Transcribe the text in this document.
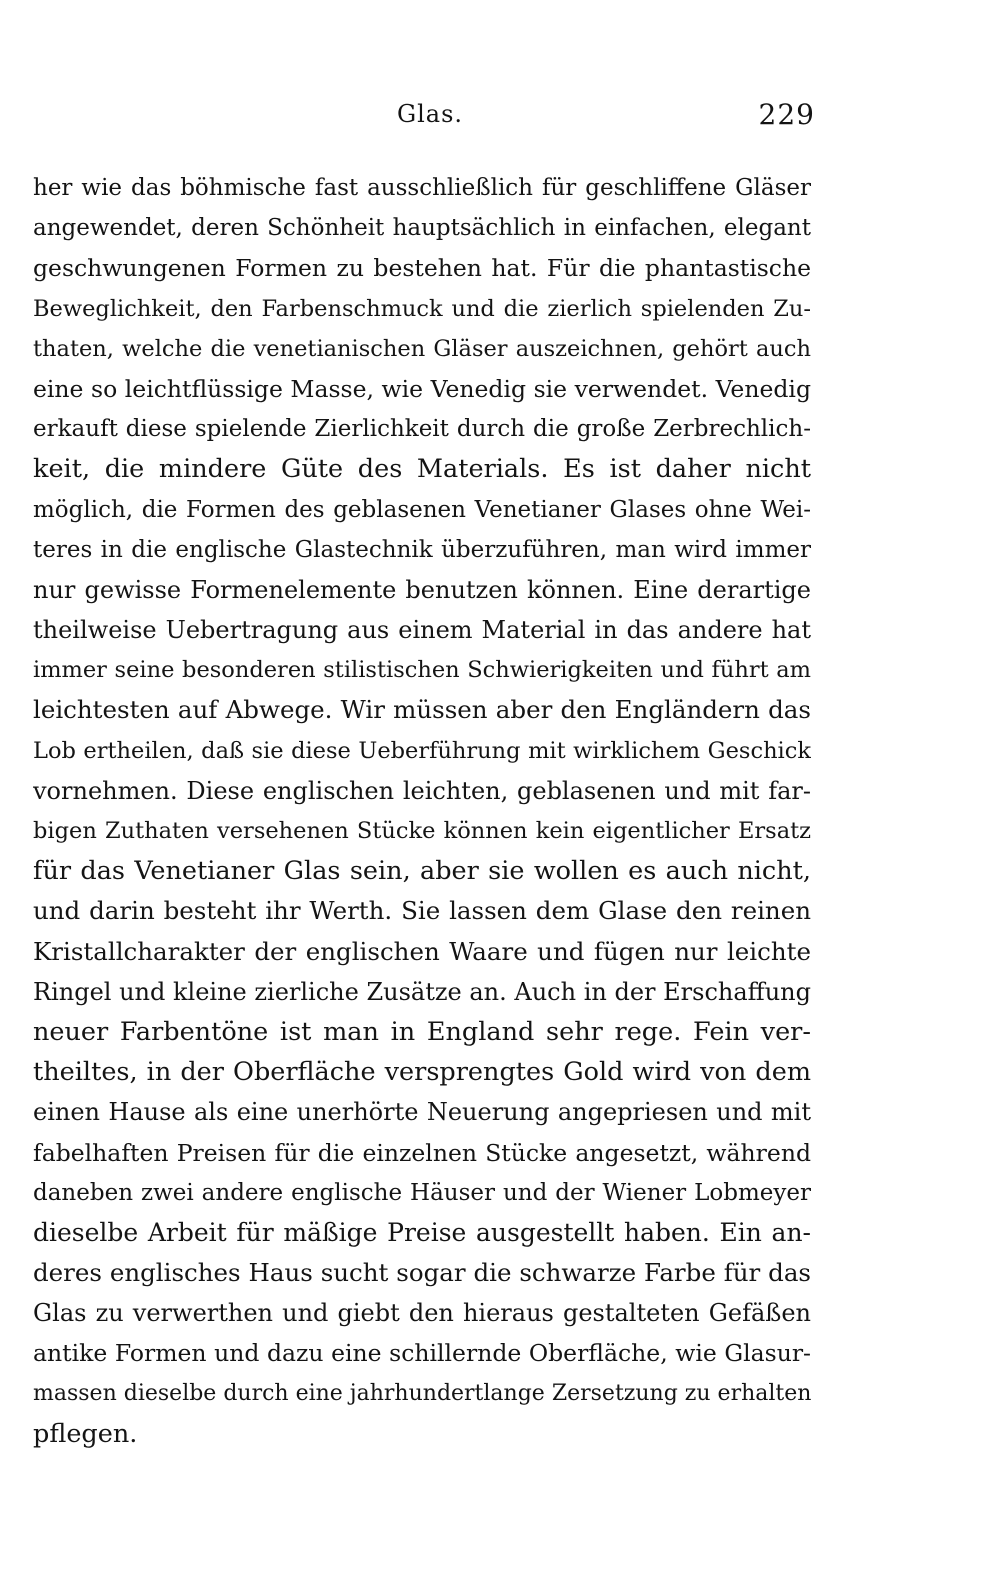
Glas.	229
her wie das böhmische fast ausschließlich für geschliffene Gläser
angewendet, deren Schönheit hauptsächlich in einfachen, elegant
geschwungenen Formen zu bestehen hat. Für die phantastische
Beweglichkeit, den Farbenschmuck und die zierlich spielenden Zu-
thaten, welche die venetianischen Gläser auszeichnen, gehört auch
eine so leichtflüssige Masse, wie Venedig sie verwendet. Venedig
erkauft diese spielende Zierlichkeit durch die große Zerbrechlich-
keit, die mindere Güte des Materials. Es ist daher nicht
möglich, die Formen des geblasenen Venetianer Glases ohne Wei-
teres in die englische Glastechnik überzuführen, man wird immer
nur gewisse Formenelemente benutzen können. Eine derartige
theilweise Uebertragung aus einem Material in das andere hat
immer seine besonderen stilistischen Schwierigkeiten und führt am
leichtesten auf Abwege. Wir müssen aber den Engländern das
Lob ertheilen, daß sie diese Ueberführung mit wirklichem Geschick
vornehmen. Diese englischen leichten, geblasenen und mit far-
bigen Zuthaten versehenen Stücke können kein eigentlicher Ersatz
für das Venetianer Glas sein, aber sie wollen es auch nicht,
und darin besteht ihr Werth. Sie lassen dem Glase den reinen
Kristallcharakter der englischen Waare und fügen nur leichte
Ringel und kleine zierliche Zusätze an. Auch in der Erschaffung
neuer Farbentöne ist man in England sehr rege. Fein ver-
theiltes, in der Oberfläche versprengtes Gold wird von dem
einen Hause als eine unerhörte Neuerung angepriesen und mit
fabelhaften Preisen für die einzelnen Stücke angesetzt, während
daneben zwei andere englische Häuser und der Wiener Lobmeyer
dieselbe Arbeit für mäßige Preise ausgestellt haben. Ein an-
deres englisches Haus sucht sogar die schwarze Farbe für das
Glas zu verwerthen und giebt den hieraus gestalteten Gefäßen
antike Formen und dazu eine schillernde Oberfläche, wie Glasur-
massen dieselbe durch eine jahrhundertlange Zersetzung zu erhalten
pflegen.
